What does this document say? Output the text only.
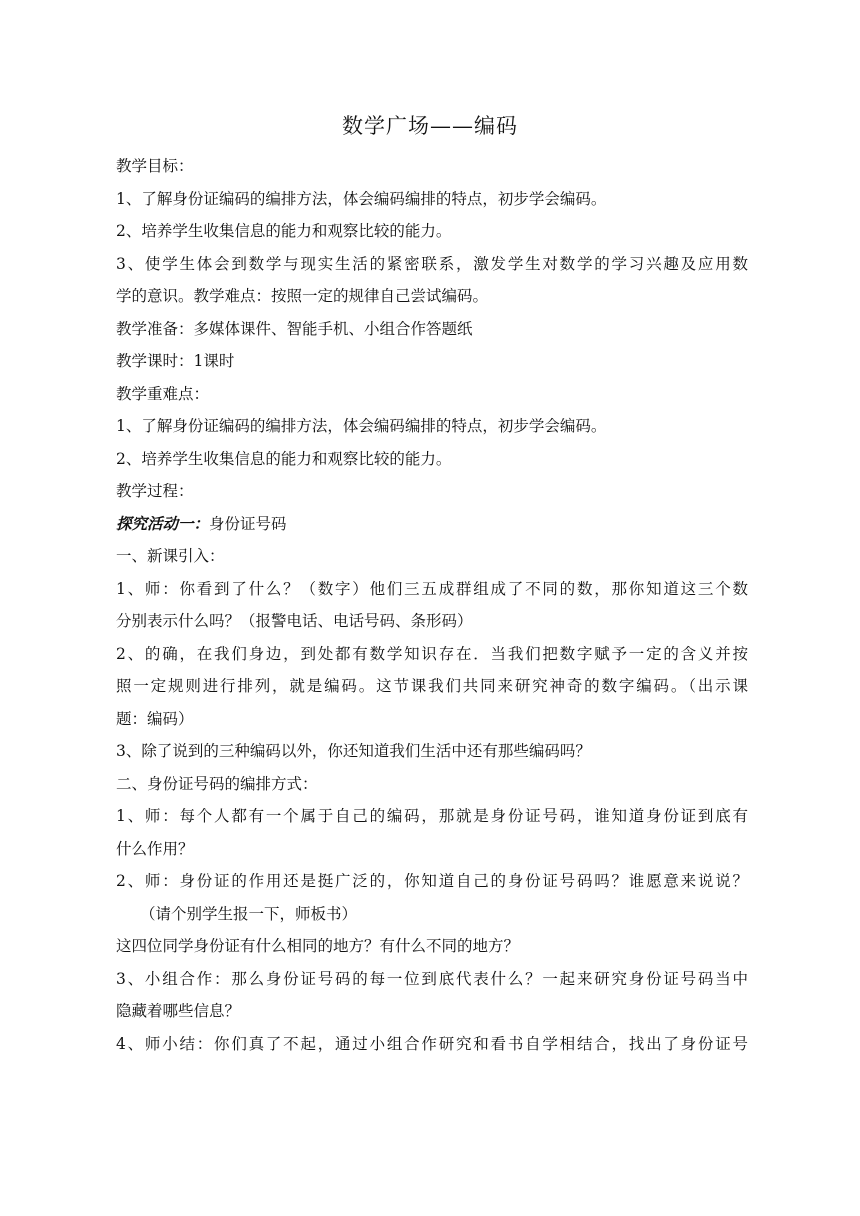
数学广场——编码

教学目标：

1、了解身份证编码的编排方法，体会编码编排的特点，初步学会编码。

2、培养学生收集信息的能力和观察比较的能力。

3、使学生体会到数学与现实生活的紧密联系，激发学生对数学的学习兴趣及应用数

学的意识。教学难点：按照一定的规律自己尝试编码。

教学准备：多媒体课件、智能手机、小组合作答题纸

教学课时：1课时

教学重难点：

1、了解身份证编码的编排方法，体会编码编排的特点，初步学会编码。

2、培养学生收集信息的能力和观察比较的能力。

教学过程：

探究活动一：身份证号码

一、新课引入：

1、师：你看到了什么？（数字）他们三五成群组成了不同的数，那你知道这三个数

分别表示什么吗？（报警电话、电话号码、条形码）

2、的确，在我们身边，到处都有数学知识存在．当我们把数字赋予一定的含义并按

照一定规则进行排列，就是编码。这节课我们共同来研究神奇的数字编码。（出示课

题：编码）

3、除了说到的三种编码以外，你还知道我们生活中还有那些编码吗？

二、身份证号码的编排方式：

1、师：每个人都有一个属于自己的编码，那就是身份证号码，谁知道身份证到底有

什么作用？

2、师：身份证的作用还是挺广泛的，你知道自己的身份证号码吗？谁愿意来说说？

（请个别学生报一下，师板书）

这四位同学身份证有什么相同的地方？有什么不同的地方？

3、小组合作：那么身份证号码的每一位到底代表什么？一起来研究身份证号码当中

隐藏着哪些信息？

4、师小结：你们真了不起，通过小组合作研究和看书自学相结合，找出了身份证号
